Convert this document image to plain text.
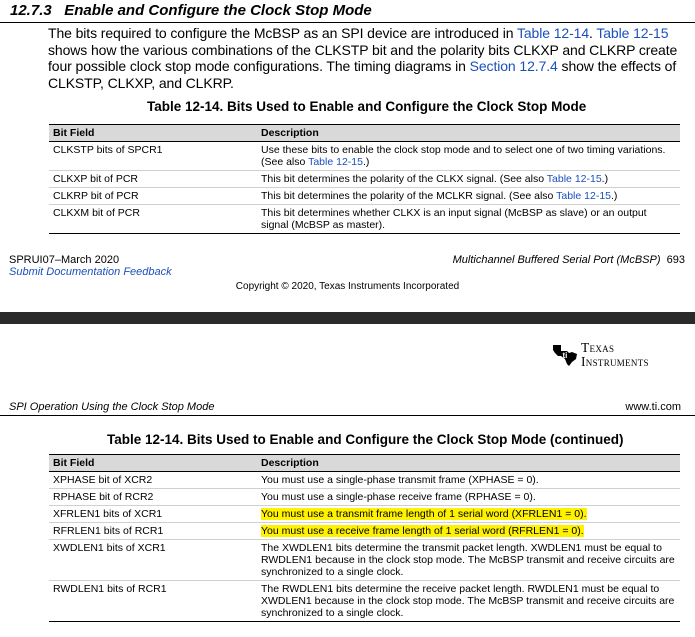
12.7.3 Enable and Configure the Clock Stop Mode
The bits required to configure the McBSP as an SPI device are introduced in Table 12-14. Table 12-15 shows how the various combinations of the CLKSTP bit and the polarity bits CLKXP and CLKRP create four possible clock stop mode configurations. The timing diagrams in Section 12.7.4 show the effects of CLKSTP, CLKXP, and CLKRP.
Table 12-14. Bits Used to Enable and Configure the Clock Stop Mode
Bit Field	Description
CLKSTP bits of SPCR1	Use these bits to enable the clock stop mode and to select one of two timing variations. (See also Table 12-15.)
CLKXP bit of PCR	This bit determines the polarity of the CLKX signal. (See also Table 12-15.)
CLKRP bit of PCR	This bit determines the polarity of the MCLKR signal. (See also Table 12-15.)
CLKXM bit of PCR	This bit determines whether CLKX is an input signal (McBSP as slave) or an output signal (McBSP as master).
SPRUI07–March 2020
Submit Documentation Feedback
Multichannel Buffered Serial Port (McBSP) 693
Copyright © 2020, Texas Instruments Incorporated
ti Texas
Instruments
SPI Operation Using the Clock Stop Mode	www.ti.com
Table 12-14. Bits Used to Enable and Configure the Clock Stop Mode (continued)
Bit Field	Description
XPHASE bit of XCR2	You must use a single-phase transmit frame (XPHASE = 0).
RPHASE bit of RCR2	You must use a single-phase receive frame (RPHASE = 0).
XFRLEN1 bits of XCR1	You must use a transmit frame length of 1 serial word (XFRLEN1 = 0).
RFRLEN1 bits of RCR1	You must use a receive frame length of 1 serial word (RFRLEN1 = 0).
XWDLEN1 bits of XCR1	The XWDLEN1 bits determine the transmit packet length. XWDLEN1 must be equal to RWDLEN1 because in the clock stop mode. The McBSP transmit and receive circuits are synchronized to a single clock.
RWDLEN1 bits of RCR1	The RWDLEN1 bits determine the receive packet length. RWDLEN1 must be equal to XWDLEN1 because in the clock stop mode. The McBSP transmit and receive circuits are synchronized to a single clock.
